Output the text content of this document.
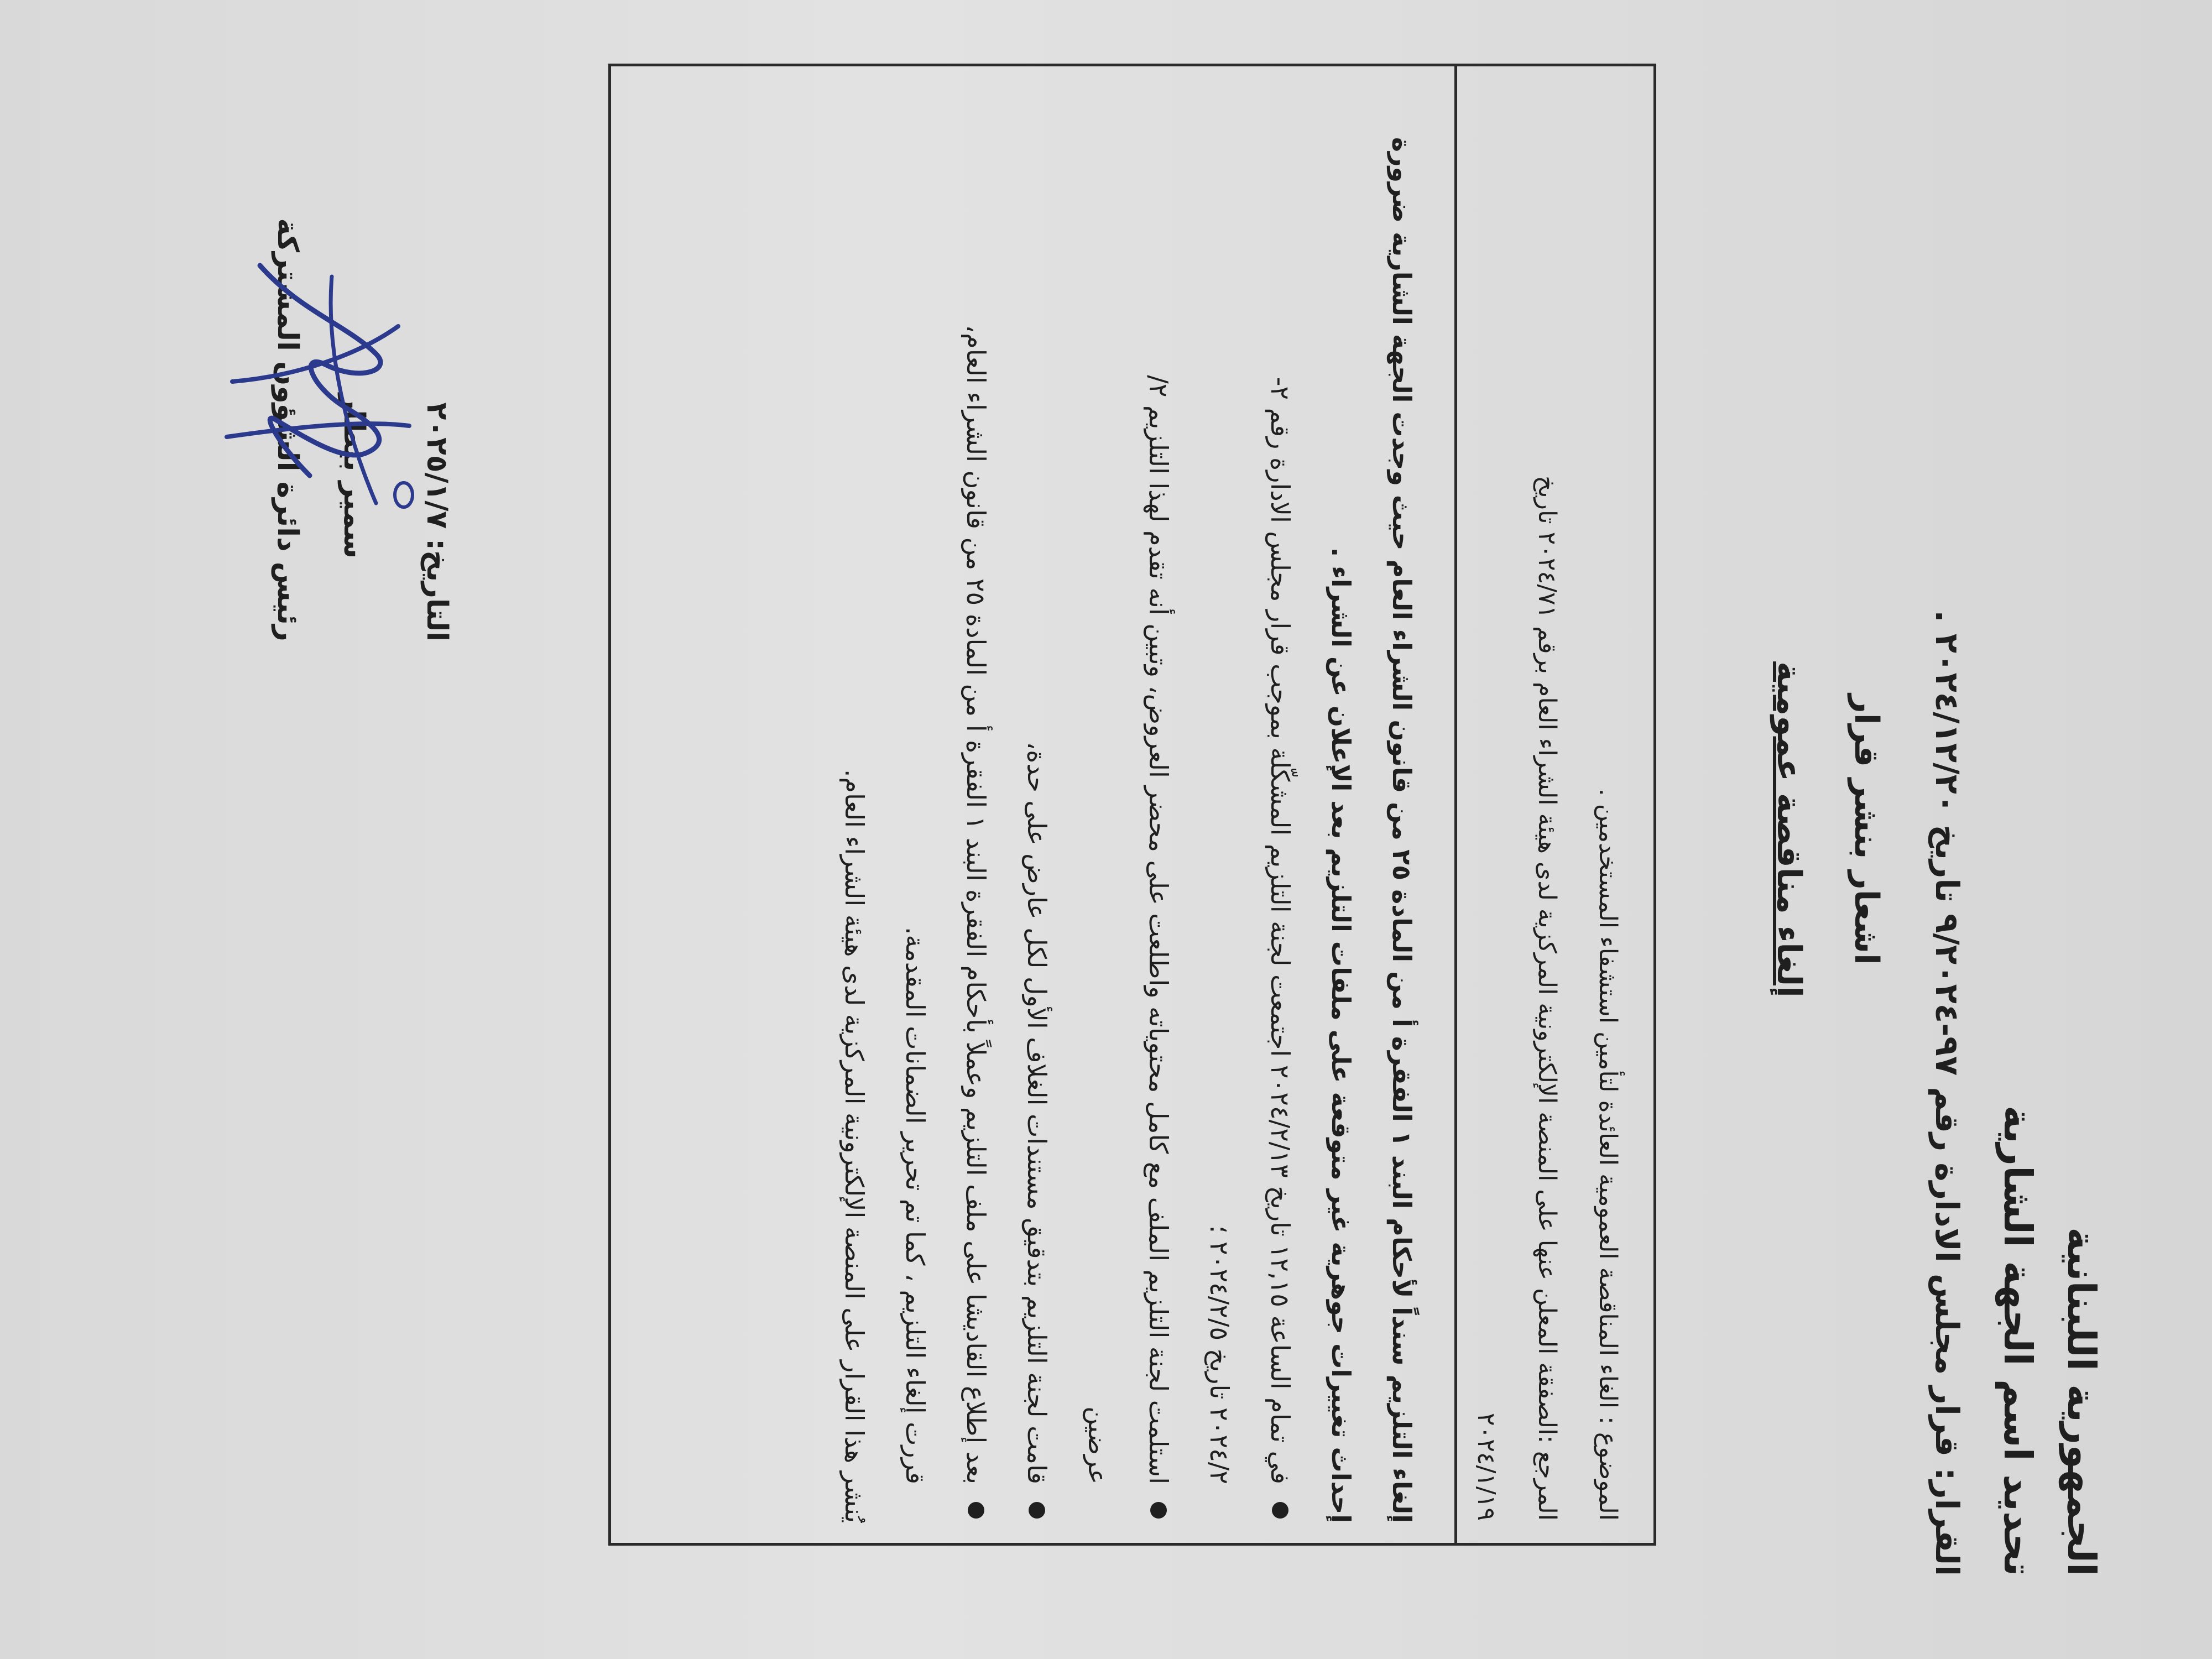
الجمهورية اللبنانية
تحديد اسم الجهة الشارية
القرار: قرار مجلس الادارة رقم ٩٧-٩/٢٠٢٤ تاريخ ٢٠٢٤/١٢/٢٠ .
اشعار بنشر قرار
إلغاء مناقصة عمومية
الموضوع : الغاء المناقصة العمومية العائدة لتأمين استشفاء المستخدمين .
المرجع :الصفقة المعلن عنها على المنصة الإلكترونية المركزية لدى هيئة الشراء العام برقم ٢٠٢٤/٧١ تاريخ
٢٠٢٤/١/١٩
إلغاء التلزيم سنداً لأحكام البند ١ الفقرة أ من المادة ٢٥ من قانون الشراء العام حيث وجدت الجهة الشارية ضرورة
إحداث تغييرات جوهرية غير متوقعة على ملفات التلزيم بعد الإعلان عن الشراء .
في تمام الساعة ١٢,١٥ تاريخ ٢٠٢٤/٢/١٣ اجتمعت لجنة التلزيم المشكّلة بموجب قرار مجلس الادارة رقم ٢-
٢٠٢٤/٢ تاريخ ٢٠٢٤/٢/٥ ؛
استلمت لجنة التلزيم الملف مع كامل محتوياته واطلعت على محضر العروض، وتبين أنه تقدم لهذا التلزيم ٢/
عرضين
قامت لجنة التلزيم بتدقيق مستندات الغلاف الأول لكل عارض على حدة،
بعد إطلاع القاديشا على ملف التلزيم وعملاً بأحكام الفقرة البند ١ الفقرة أ من المادة ٢٥ من قانون الشراء العام،
قررت إلغاء التلزيم ، كما تم تحرير الضمانات المقدمة.
يُنشر هذا القرار على المنصة الإلكترونية المركزية لدى هيئة الشراء العام.
التاريخ: ٢٠٢٥/١/٧
سمير بيطار
رئيس دائرة الشؤون المشتركة
